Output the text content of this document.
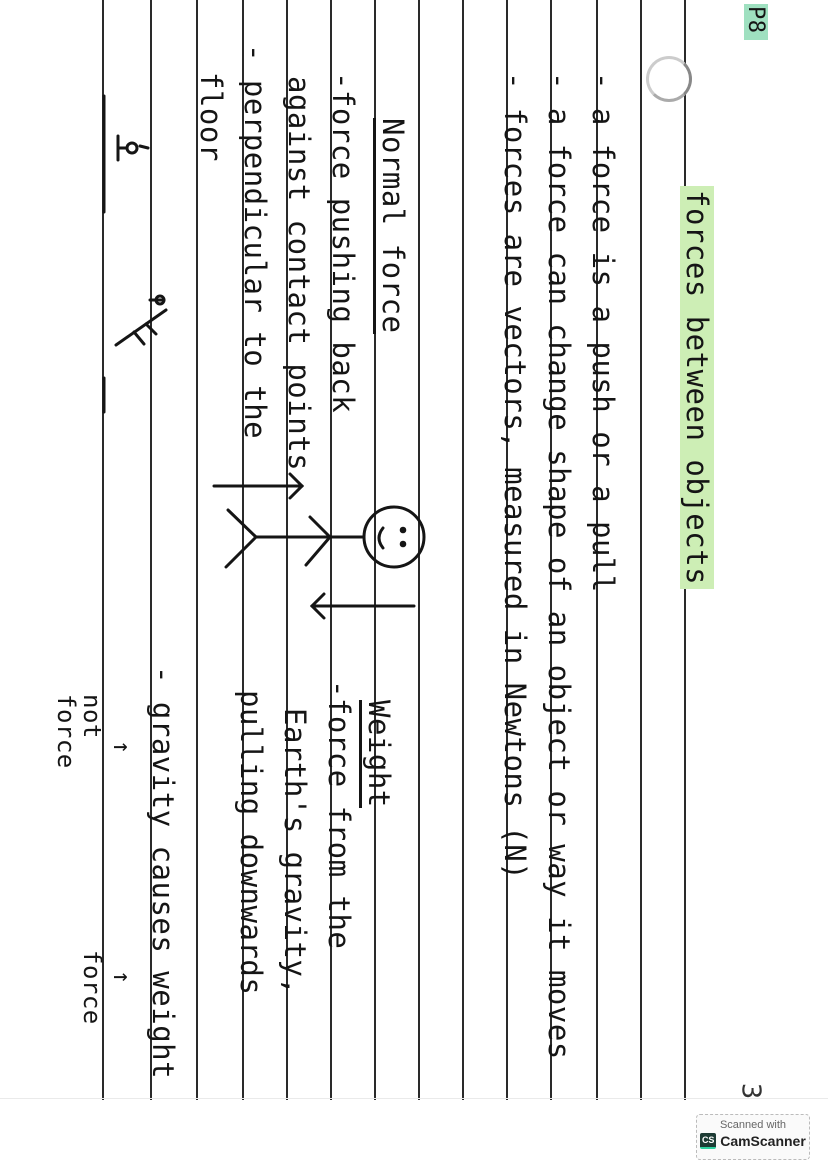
P8
forces between objects
- a force is a push or a pull
- a force can change shape of an object or way it moves
- forces are vectors, measured in Newtons (N)
Normal force
-force pushing back
against contact points
- perpendicular to the
floor
Weight
-force from the
Earth's gravity,
pulling downwards
- gravity causes weight
↑
not
force
↑
force
3
Scanned with
CS CamScanner
